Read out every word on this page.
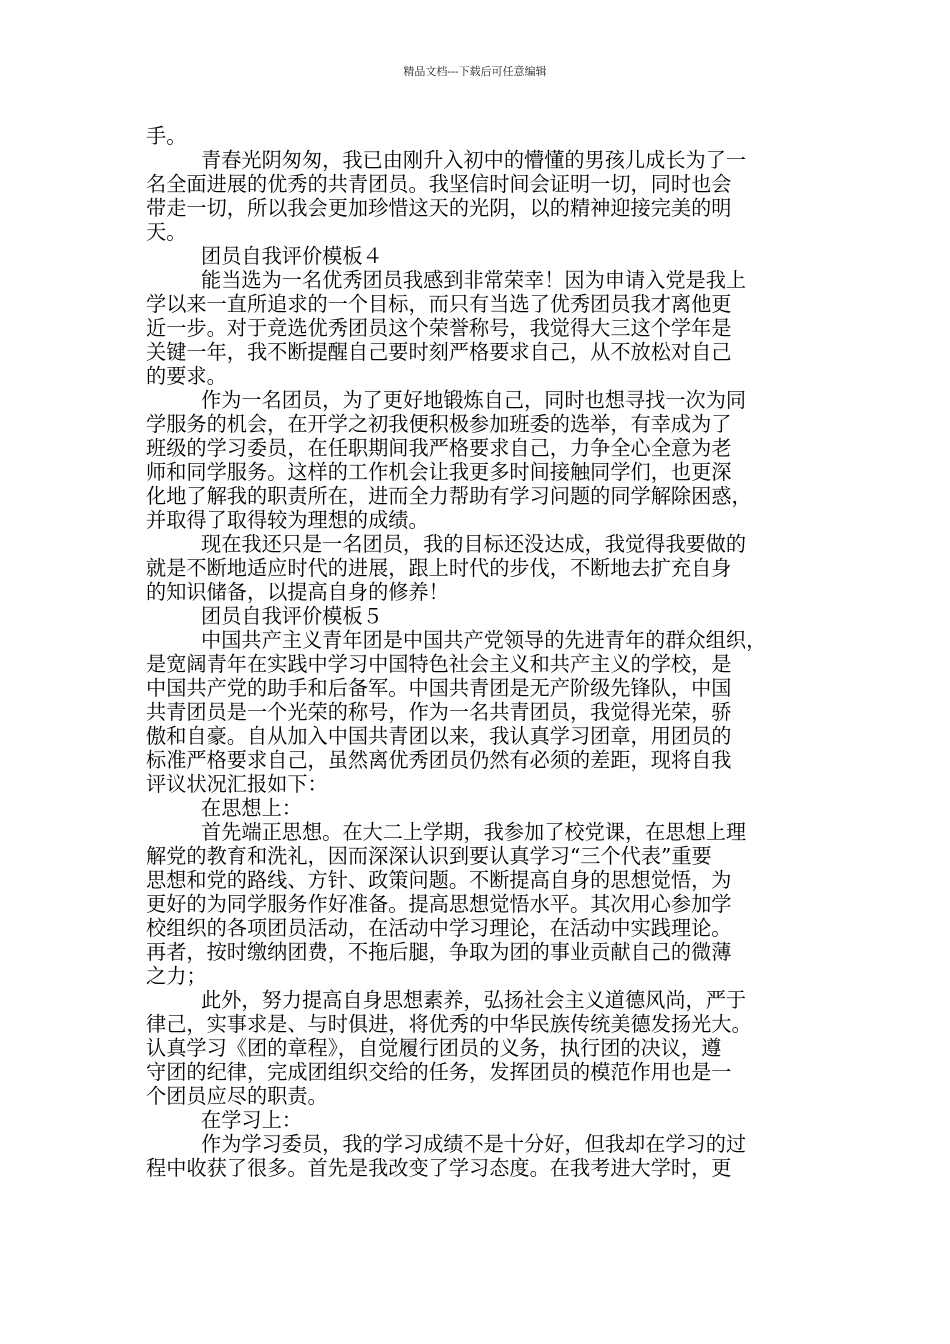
精品文档---下载后可任意编辑
手。
青春光阴匆匆，我已由刚升入初中的懵懂的男孩儿成长为了一
名全面进展的优秀的共青团员。我坚信时间会证明一切，同时也会
带走一切，所以我会更加珍惜这天的光阴，以的精神迎接完美的明
天。
团员自我评价模板４
能当选为一名优秀团员我感到非常荣幸！因为申请入党是我上
学以来一直所追求的一个目标，而只有当选了优秀团员我才离他更
近一步。对于竞选优秀团员这个荣誉称号，我觉得大三这个学年是
关键一年，我不断提醒自己要时刻严格要求自己，从不放松对自己
的要求。
作为一名团员，为了更好地锻炼自己，同时也想寻找一次为同
学服务的机会，在开学之初我便积极参加班委的选举，有幸成为了
班级的学习委员，在任职期间我严格要求自己，力争全心全意为老
师和同学服务。这样的工作机会让我更多时间接触同学们，也更深
化地了解我的职责所在，进而全力帮助有学习问题的同学解除困惑，
并取得了取得较为理想的成绩。
现在我还只是一名团员，我的目标还没达成，我觉得我要做的
就是不断地适应时代的进展，跟上时代的步伐，不断地去扩充自身
的知识储备，以提高自身的修养！
团员自我评价模板５
中国共产主义青年团是中国共产党领导的先进青年的群众组织，
是宽阔青年在实践中学习中国特色社会主义和共产主义的学校，是
中国共产党的助手和后备军。中国共青团是无产阶级先锋队，中国
共青团员是一个光荣的称号，作为一名共青团员，我觉得光荣，骄
傲和自豪。自从加入中国共青团以来，我认真学习团章，用团员的
标准严格要求自己，虽然离优秀团员仍然有必须的差距，现将自我
评议状况汇报如下：
在思想上：
首先端正思想。在大二上学期，我参加了校党课，在思想上理
解党的教育和洗礼，因而深深认识到要认真学习“三个代表”重要
思想和党的路线、方针、政策问题。不断提高自身的思想觉悟，为
更好的为同学服务作好准备。提高思想觉悟水平。其次用心参加学
校组织的各项团员活动，在活动中学习理论，在活动中实践理论。
再者，按时缴纳团费，不拖后腿，争取为团的事业贡献自己的微薄
之力；
此外，努力提高自身思想素养，弘扬社会主义道德风尚，严于
律己，实事求是、与时俱进，将优秀的中华民族传统美德发扬光大。
认真学习《团的章程》，自觉履行团员的义务，执行团的决议，遵
守团的纪律，完成团组织交给的任务，发挥团员的模范作用也是一
个团员应尽的职责。
在学习上：
作为学习委员，我的学习成绩不是十分好，但我却在学习的过
程中收获了很多。首先是我改变了学习态度。在我考进大学时，更
